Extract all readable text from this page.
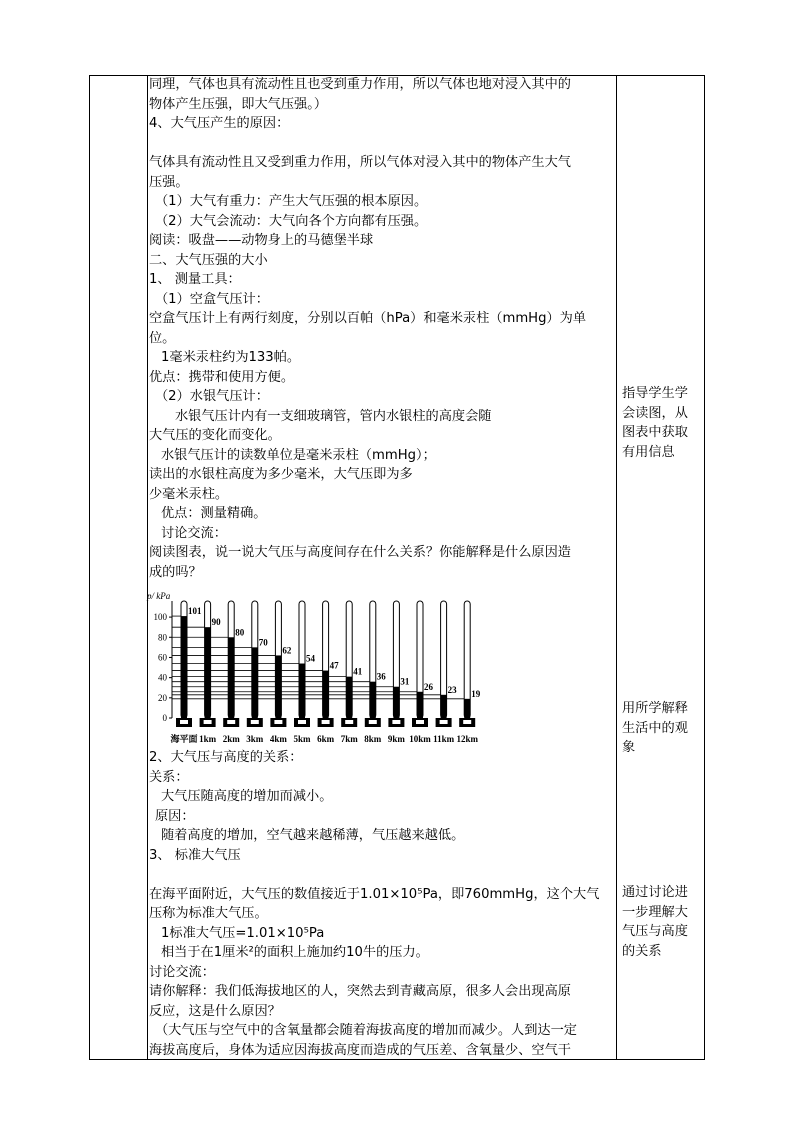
同理，气体也具有流动性且也受到重力作用，所以气体也地对浸入其中的

物体产生压强，即大气压强。）

4、大气压产生的原因：

气体具有流动性且又受到重力作用，所以气体对浸入其中的物体产生大气

压强。

（1）大气有重力：产生大气压强的根本原因。

（2）大气会流动：大气向各个方向都有压强。

阅读：吸盘——动物身上的马德堡半球

二、大气压强的大小

1、 测量工具：

（1）空盒气压计：

空盒气压计上有两行刻度，分别以百帕（hPa）和毫米汞柱（mmHg）为单

位。

1毫米汞柱约为133帕。

优点：携带和使用方便。

（2）水银气压计：

水银气压计内有一支细玻璃管，管内水银柱的高度会随

大气压的变化而变化。

水银气压计的读数单位是毫米汞柱（mmHg）；

读出的水银柱高度为多少毫米，大气压即为多

少毫米汞柱。

优点：测量精确。

讨论交流：

阅读图表，说一说大气压与高度间存在什么关系？你能解释是什么原因造

成的吗？

p/ kPa
0
20
40
60
80
100
101
海平面
90
1km
80
2km
70
3km
62
4km
54
5km
47
6km
41
7km
36
8km
31
9km
26
10km
23
11km
19
12km

2、大气压与高度的关系：

关系：

大气压随高度的增加而减小。

原因：

随着高度的增加，空气越来越稀薄，气压越来越低。

3、 标准大气压

在海平面附近，大气压的数值接近于1.01×10⁵Pa，即760mmHg，这个大气

压称为标准大气压。

1标准大气压=1.01×10⁵Pa

相当于在1厘米²的面积上施加约10牛的压力。

讨论交流：

请你解释：我们低海拔地区的人，突然去到青藏高原，很多人会出现高原

反应，这是什么原因？

（大气压与空气中的含氧量都会随着海拔高度的增加而减少。人到达一定

海拔高度后，身体为适应因海拔高度而造成的气压差、含氧量少、空气干

指导学生学

会读图，从

图表中获取

有用信息

用所学解释

生活中的观

象

通过讨论进

一步理解大

气压与高度

的关系
